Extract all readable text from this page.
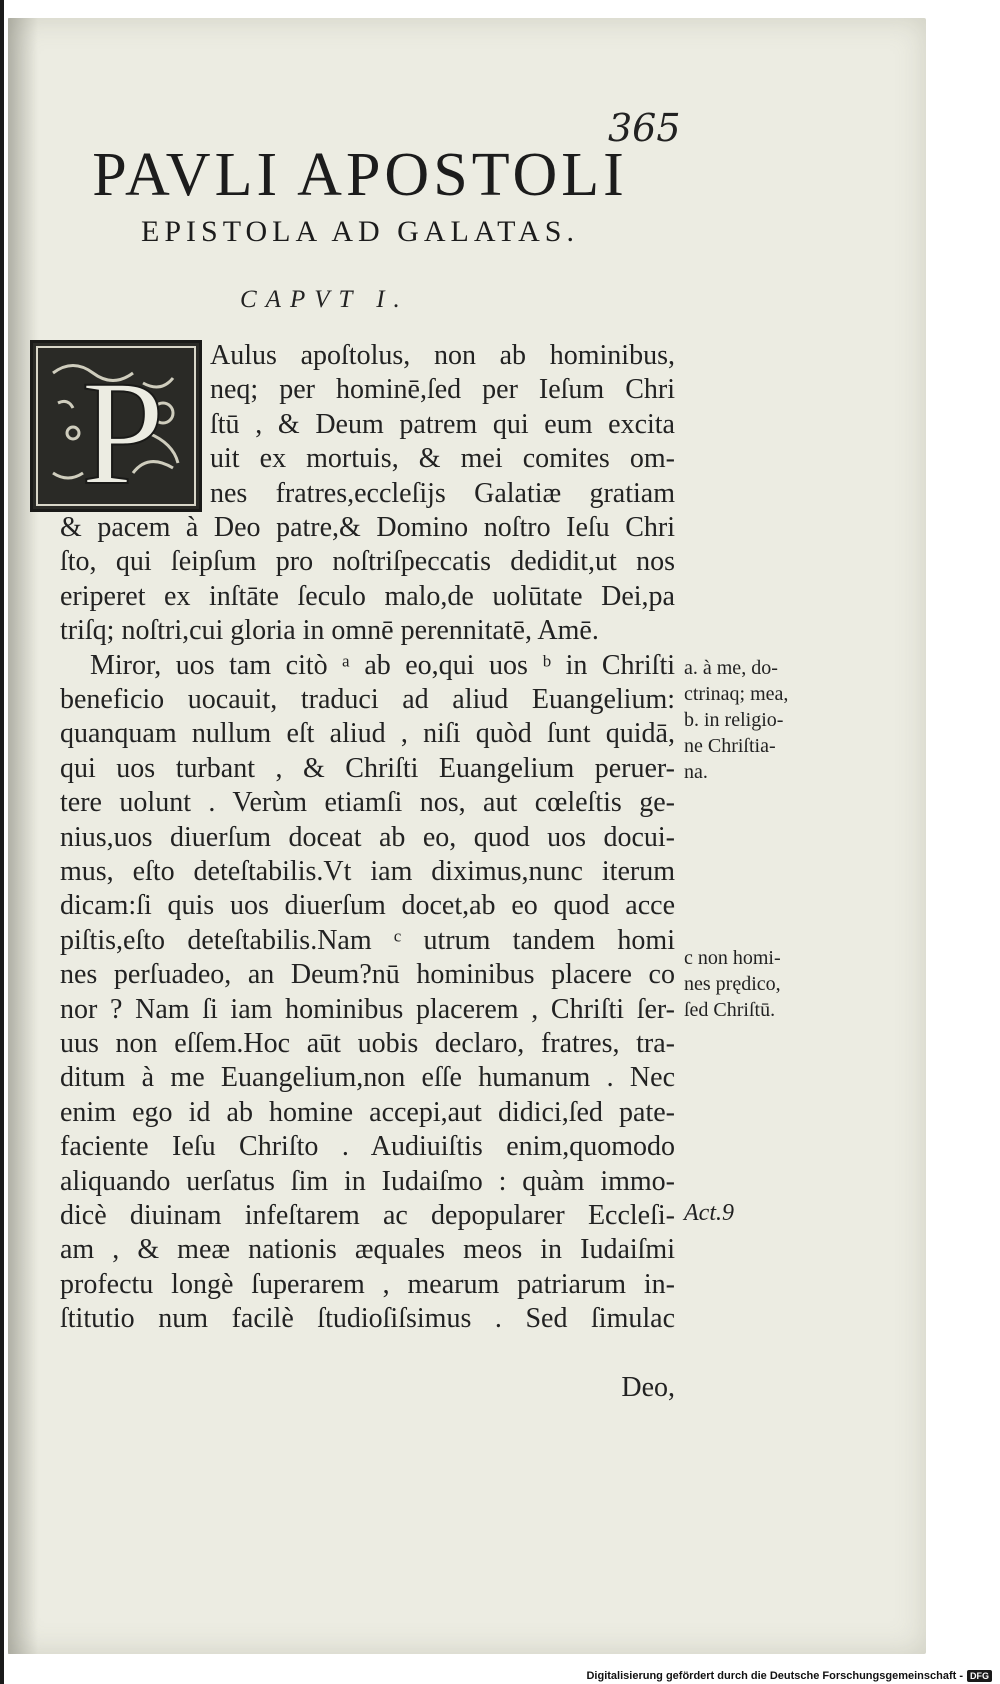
365
PAVLI APOSTOLI
EPISTOLA AD GALATAS.
CAPVT I.
P Aulus apoſtolus, non ab hominibus,
neq; per hominē,ſed per Ieſum Chri
ſtū , & Deum patrem qui eum excita
uit ex mortuis, & mei comites om-
nes fratres,eccleſijs Galatiæ gratiam
& pacem à Deo patre,& Domino noſtro Ieſu Chri
ſto, qui ſeipſum pro noſtriſpeccatis dedidit,ut nos
eriperet ex inſtāte ſeculo malo,de uolūtate Dei,pa
triſq; noſtri,cui gloria in omnē perennitatē, Amē.
Miror, uos tam citò ᵃ ab eo,qui uos ᵇ in Chriſti
beneficio uocauit, traduci ad aliud Euangelium:
quanquam nullum eſt aliud , niſi quòd ſunt quidā,
qui uos turbant , & Chriſti Euangelium peruer-
tere uolunt . Verùm etiamſi nos, aut cœleſtis ge-
nius,uos diuerſum doceat ab eo, quod uos docui-
mus, eſto deteſtabilis.Vt iam diximus,nunc iterum
dicam:ſi quis uos diuerſum docet,ab eo quod acce
piſtis,eſto deteſtabilis.Nam ᶜ utrum tandem homi
nes perſuadeo, an Deum?nū hominibus placere co
nor ? Nam ſi iam hominibus placerem , Chriſti ſer-
uus non eſſem.Hoc aūt uobis declaro, fratres, tra-
ditum à me Euangelium,non eſſe humanum . Nec
enim ego id ab homine accepi,aut didici,ſed pate-
faciente Ieſu Chriſto . Audiuiſtis enim,quomodo
aliquando uerſatus ſim in Iudaiſmo : quàm immo-
dicè diuinam infeſtarem ac depopularer Eccleſi-
am , & meæ nationis æquales meos in Iudaiſmi
profectu longè ſuperarem , mearum patriarum in-
ſtitutio num facilè ſtudioſiſsimus . Sed ſimulac
Deo,
a. à me, do-
ctrinaq; mea,
b. in religio-
ne Chriſtia-
na.
c non homi-
nes prędico,
ſed Chriſtū.
Act.9
Digitalisierung gefördert durch die Deutsche Forschungsgemeinschaft - DFG
